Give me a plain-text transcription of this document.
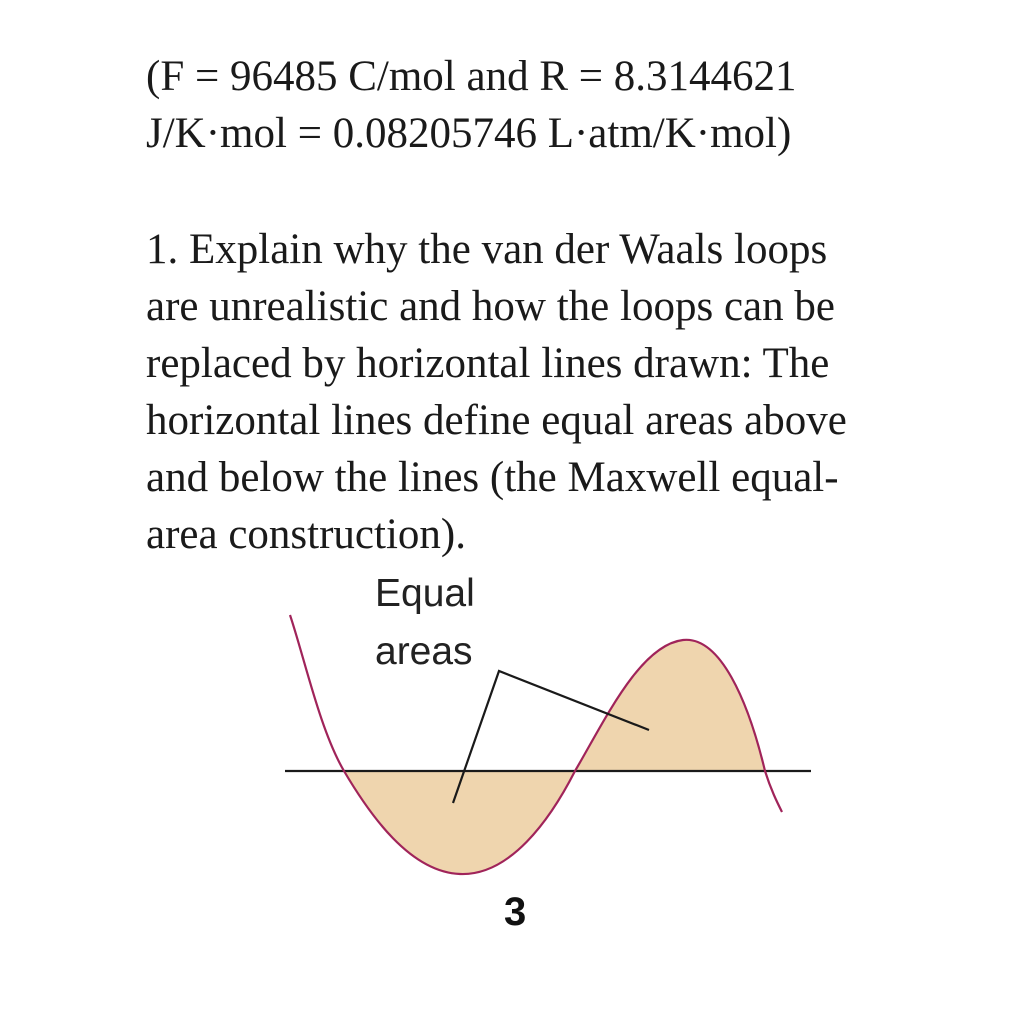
(F = 96485 C/mol and R = 8.3144621
J/K·mol = 0.08205746 L·atm/K·mol)
1. Explain why the van der Waals loops
are unrealistic and how the loops can be
replaced by horizontal lines drawn: The
horizontal lines define equal areas above
and below the lines (the Maxwell equal-
area construction).
Equal
areas
3
